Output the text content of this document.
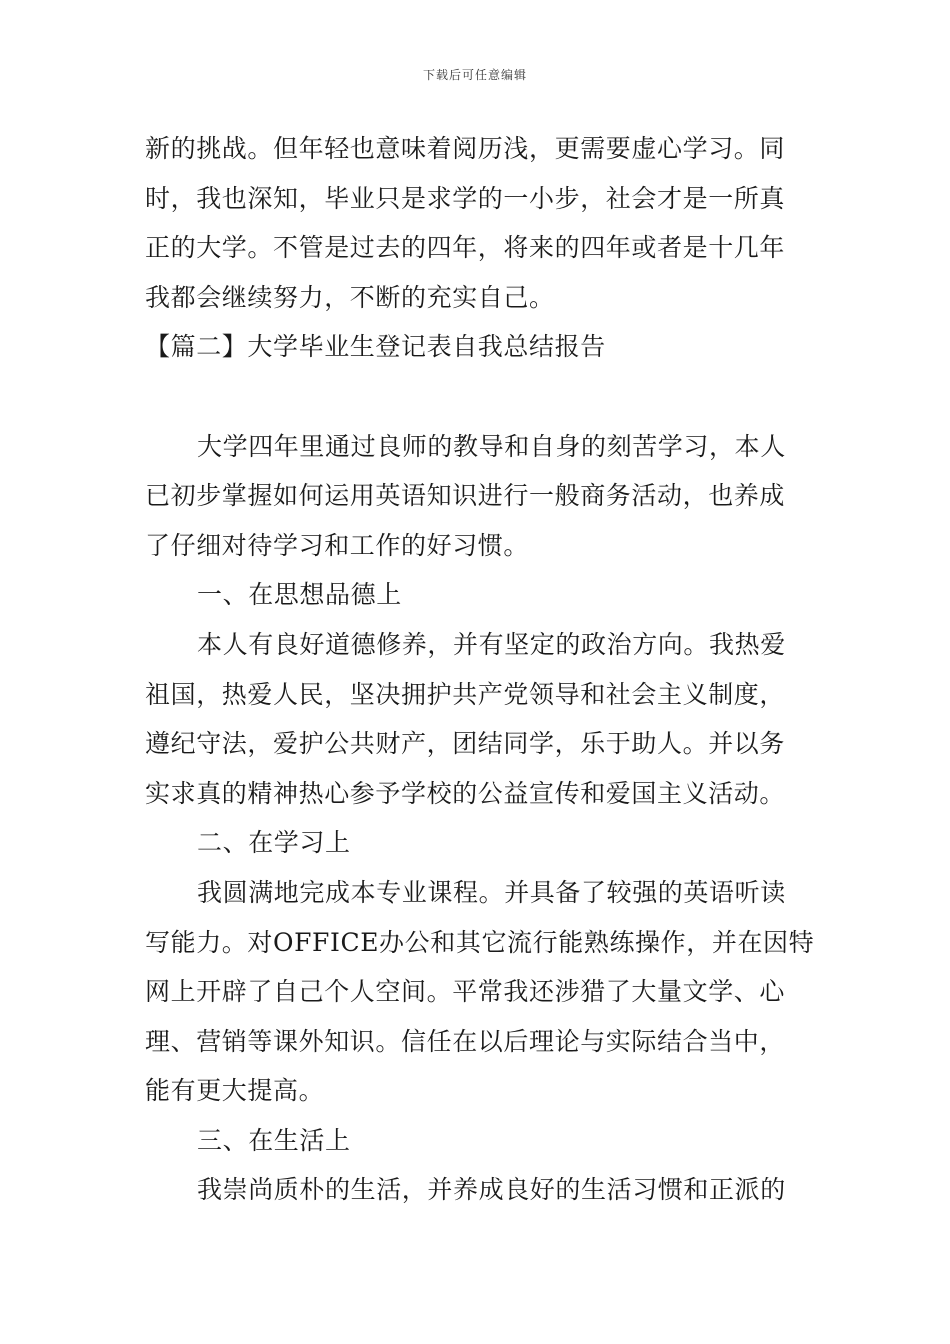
下载后可任意编辑
新的挑战。但年轻也意味着阅历浅，更需要虚心学习。同
时，我也深知，毕业只是求学的一小步，社会才是一所真
正的大学。不管是过去的四年，将来的四年或者是十几年
我都会继续努力，不断的充实自己。
【篇二】大学毕业生登记表自我总结报告
大学四年里通过良师的教导和自身的刻苦学习，本人
已初步掌握如何运用英语知识进行一般商务活动，也养成
了仔细对待学习和工作的好习惯。
一、在思想品德上
本人有良好道德修养，并有坚定的政治方向。我热爱
祖国，热爱人民，坚决拥护共产党领导和社会主义制度，
遵纪守法，爱护公共财产，团结同学，乐于助人。并以务
实求真的精神热心参予学校的公益宣传和爱国主义活动。
二、在学习上
我圆满地完成本专业课程。并具备了较强的英语听读
写能力。对OFFICE办公和其它流行能熟练操作，并在因特
网上开辟了自己个人空间。平常我还涉猎了大量文学、心
理、营销等课外知识。信任在以后理论与实际结合当中，
能有更大提高。
三、在生活上
我崇尚质朴的生活，并养成良好的生活习惯和正派的
